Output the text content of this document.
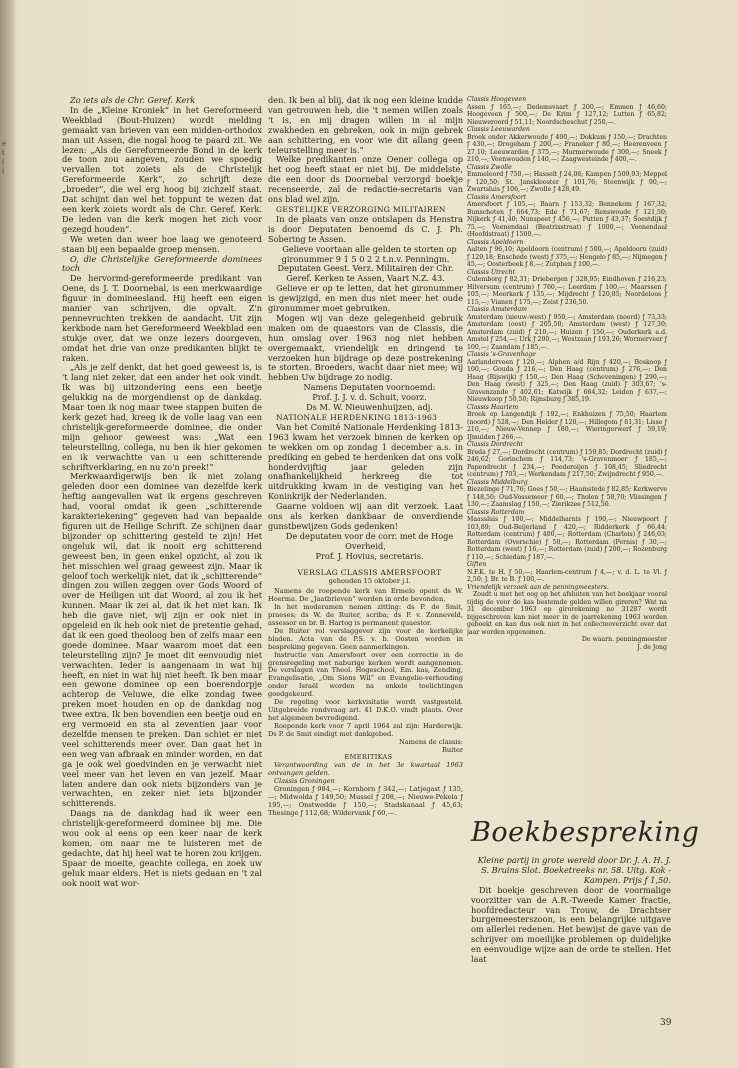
e
t
(
(

Zo iets als de Chr. Geref. Kerk

In de „Kleine Kroniek” in het Gereformeerd Weekblad (Bout-Huizen) wordt melding gemaakt van brieven van een midden-orthodox man uit Assen, die nogal hoog te paard zit. We lezen: „Als de Gereformeerde Bond in de kerk de toon zou aangeven, zouden we spoedig vervallen tot zoiets als de Christelijk Gereformeerde Kerk”, zo schrijft deze „broeder”, die wel erg hoog bij zichzelf staat. Dat schijnt dan wel het toppunt te wezen dat een kerk zoiets wordt als de Chr. Geref. Kerk. De leden van die kerk mogen het zich voor gezegd houden”.

We weten dan weer hoe laag we genoteerd staan bij een bepaalde groep mensen.

O, die Christelijke Gereformeerde dominees toch

De hervormd-gereformeerde predikant van Oene, ds J. T. Doornebal, is een merkwaardige figuur in domineesland. Hij heeft een eigen manier van schrijven, die opvalt. Z'n pennevruchten trekken de aandacht. Uit zijn kerkbode nam het Gereformeerd Weekblad een stukje over, dat we onze lezers doorgeven, omdat het drie van onze predikanten blijkt te raken.

„Als je zelf denkt, dat het goed geweest is, is 't lang niet zeker, dat een ander het ook vindt. Ik was bij uitzondering eens een beetje gelukkig na de morgendienst op de dankdag. Maar toen ik nog maar twee stappen buiten de kerk gezet had, kreeg ik de volle laag van een christelijk-gereformeerde dominee, die onder mijn gehoor geweest was: „Wat een teleurstelling, collega, nu ben ik hier gekomen en ik verwachtte van u een schitterende schriftverklaring, en nu zo'n preek!”

Merkwaardigerwijs ben ik niet zolang geleden door een dominee van dezelfde kerk heftig aangevallen wat ik ergens geschreven had, vooral omdat ik geen „schitterende karakteriekening” gegeven had van bepaalde figuren uit de Heilige Schrift. Ze schijnen daar bijzonder op schittering gesteld te zijn! Het ongeluk wil, dat ik nooit erg schitterend geweest ben, in geen enkel opzicht, al zou ik het misschien wel graag geweest zijn. Maar ik geloof toch werkelijk niet, dat ik „schitterende” dingen zou willen zeggen over Gods Woord of over de Heiligen uit dat Woord, al zou ik het kunnen. Maar ik zei al, dat ik het niet kan. Ik heb die gave niet, wij zijn er ook niet in opgeleid en ik heb ook niet de pretentie gehad, dat ik een goed theoloog ben of zelfs maar een goede dominee. Maar waarom moet dat een teleurstelling zijn? Je moet dit eenvoudig niet verwachten. Ieder is aangenaam in wat hij heeft, en niet in wat hij niet heeft. Ik ben maar een gewone dominee op een boerendorpje achterop de Veluwe, die elke zondag twee preken moet houden en op de dankdag nog twee extra. Ik ben bovendien een beetje oud en erg vermoeid en sta al zeventien jaar voor dezelfde mensen te preken. Dan schiet er niet veel schitterends meer over. Dan gaat het in een weg van afbraak en minder worden, en dat ga je ook wel goedvinden en je verwacht niet veel meer van het leven en van jezelf. Maar laten andere dan ook niets bijzonders van je verwachten, en zeker niet iets bijzonder schitterends.

Daags na de dankdag had ik weer een christelijk-gereformeerd dominee bij me. Die wou ook al eens op een keer naar de kerk komen, om naar me te luisteren met de gedachte, dat hij heel wat te horen zou krijgen. Spaar de moeite, geachte collega, en zoek uw geluk maar elders. Het is niets gedaan en 't zal ook nooit wat wor-

den. Ik ben al blij, dat ik nog een kleine kudde van getrouwen heb, die 't nemen willen zoals 't is, en mij dragen willen in al mijn zwakheden en gebreken, ook in mijn gebrek aan schittering, en voor wie dit allang geen teleurstelling meer is.”

Welke predikanten onze Oener collega op het oog heeft staat er niet bij. De middelste, die een door ds Doornebal verzorgd boekje recenseerde, zal de redactie-secretaris van ons blad wel zijn.

GESTELIJKE VERZORGING MILITAIREN

In de plaats van onze ontslapen ds Henstra is door Deputaten benoemd ds C. J. Ph. Sobering te Assen.

Gelieve voortaan alle gelden te storten op gironummer 9 1 5 0 2 2 t.n.v. Penningm. Deputaten Geest. Verz. Militairen der Chr. Geref. Kerken te Assen, Vaart N.Z. 43.

Gelieve er op te letten, dat het gironummer is gewijzigd, en men dus niet meer het oude gironummer moet gebruiken.

Mogen wij van deze gelegenheid gebruik maken om de quaestors van de Classis, die hun omslag over 1963 nog niet hebben overgemaakt, vriendelijk en dringend te verzoeken hun bijdrage op deze postrekening te storten. Broeders, wacht daar niet mee; wij hebben Uw bijdrage zo nodig.

Namens Deputaten voornoemd:

Prof. J. J. v. d. Schuit, voorz.

Ds M. W. Nieuwenhuijzen, adj.

NATIONALE HERDENKING 1813-1963

Van het Comité Nationale Herdenking 1813-1963 kwam het verzoek binnen de kerken op te wekken om op zondag 1 december a.s. in prediking en gebed te herdenken dat ons volk honderdvijftig jaar geleden zijn onafhankelijkheid herkreeg die tot uitdrukking kwam in de vestiging van het Koninkrijk der Nederlanden.

Gaarne voldoen wij aan dit verzoek. Laat ons als kerken dankbaar de onverdiende gunstbewijzen Gods gedenken!

De deputaten voor de corr. met de Hoge Overheid,

Prof. J. Hovius, secretaris.

VERSLAG CLASSIS AMERSFOORT

gehouden 15 oktober j.l.

Namens de roepende kerk van Ermelo opent ds W. Hoerma. De „Jaatbrieven” worden in orde bevonden.

In het moderamen nemen zitting: ds P. de Smit, praeses; ds W. de Ruiter, scriba; ds P. v. Zonneveld, assessor en br. B. Hartog is permanent quaestor.

De Ruiter rol verslaggever zijn voor de kerkelijke bladen. Acta van de P.S. v. b. Oosten worden in bespreking gegeven. Geen aanmerkingen.

Instructie van Amersfoort over een correctie in de grensregeling met naburige kerken wordt aangenomen. De verslagen van Theol. Hogeschool, Em. kas, Zending, Evangelisatie, „Om Sions Wil” en Evangelie-verhouding onder Israël worden na enkele toelichtingen goedgekeurd.

De regeling voor kerkvisitatie wordt vastgesteld. Uitgebreide rondvraag art. 41 D.K.O. vindt plaats. Over het algemeen bevredigend.

Roepende kerk voor 7 april 1964 zal zijn: Harderwijk. Ds P. de Smit eindigt met dankgebed.

Namens de classis:

Ruiter

EMERITIKAS

Verantwoording van de in het 3e kwartaal 1963 ontvangen gelden.

Classis Groningen

Groningen ƒ 984,—; Kornhorn ƒ 342,—; Latjegast ƒ 135,—; Midwolda ƒ 149,50; Mussel ƒ 208,—; Nieuwe-Pekela ƒ 195,—; Onstwedde ƒ 150,—; Stadskanaal ƒ 45,63; Thesinge ƒ 112,68; Wildervank ƒ 60,—.

Classis Hoogeveen

Assen ƒ 165,—; Dedemsvaart ƒ 200,—; Emmen ƒ 46,60; Hoogeveen ƒ 500,—; De Krim ƒ 127,12; Lutten ƒ 65,82; Nieuweroord ƒ 51,11; Noordscheschut ƒ 250,—.

Classis Leeuwarden

Broek onder Akkerwoude ƒ 400,—; Dokkum ƒ 150,—; Drachten ƒ 430,—; Drogeham ƒ 200,—; Franeker ƒ 80,—; Heerenveen ƒ 27,10; Leeuwarden ƒ 375,—; Murmerwoude ƒ 300,—; Sneek ƒ 210,—; Veenwouden ƒ 140,—; Zaagwesteinde ƒ 400,—.

Classis Zwolle

Emmeloord ƒ 750,—; Hasselt ƒ 24,06; Kampen ƒ 509,93; Meppel ƒ 120,50; St. Jansklooster ƒ 101,76; Steenwijk ƒ 90,—; Zwartsluis ƒ 106,—; Zwolle ƒ 428,49.

Classis Amersfoort

Amersfoort ƒ 105,—; Baarn ƒ 153,32; Bennekom ƒ 167,32; Bunschoten ƒ 664,73; Ede ƒ 71,67; Renswoude ƒ 121,50; Nijkerk ƒ 41,40; Nunspeet ƒ 456,—; Putten ƒ 43,37; Soestdijk ƒ 75,—; Veenendaal (Beatrixstraat) ƒ 1000,—; Veenendaal (Hoofdstraat) ƒ 1500,—.

Classis Apeldoorn

Aalten ƒ 96,10; Apeldoorn (centrum) ƒ 500,—; Apeldoorn (zuid) ƒ 129,18; Enschede (west) ƒ 375,—; Hengelo ƒ 85,—; Nijmegen ƒ 45,—; Oosterbeek ƒ 8,—; Zutphen ƒ 100,—.

Classis Utrecht

Culemborg ƒ 82,31; Driebergen ƒ 328,95; Eindhoven ƒ 216,23; Hilversum (centrum) ƒ 760,—; Leerdam ƒ 100,—; Maarssen ƒ 105,—; Meerkerk ƒ 135,—; Mijdrecht ƒ 120,85; Noordeloos ƒ 115,—; Vianen ƒ 175,—; Zeist ƒ 236,50.

Classis Amsterdam

Amsterdam (nieuw-west) ƒ 950,—; Amsterdam (noord) ƒ 73,33; Amsterdam (oost) ƒ 205,50; Amsterdam (west) ƒ 127,30; Amsterdam (zuid) ƒ 210,—; Huizen ƒ 150,—; Ouderkerk a.d. Amstel ƒ 254,—; Urk ƒ 200,—; Westzaan ƒ 193,26; Wormerveer ƒ 100,—; Zaandam ƒ 185,—.

Classis 's-Gravenhage

Aarlanderveen ƒ 120,—; Alphen a/d Rijn ƒ 420,—; Boskoop ƒ 100,—; Gouda ƒ 216,—; Den Haag (centrum) ƒ 276,—; Den Haag (Rijswijk) ƒ 150,—; Den Haag (Scheveningen) ƒ 290,—; Den Haag (west) ƒ 325,—; Den Haag (zuid) ƒ 303,67; 's-Gravenzande ƒ 402,61; Katwijk ƒ 664,32; Leiden ƒ 637,—; Nieuwkoop ƒ 50,50; Rijnsburg ƒ 385,19.

Classis Haarlem

Broek op Langendijk ƒ 192,—; Enkhuizen ƒ 75,50; Haarlem (noord) ƒ 528,—; Den Helder ƒ 120,—; Hillegom ƒ 81,31; Lisse ƒ 210,—; Nieuw-Vennep ƒ 180,—; Wieringerwerf ƒ 59,19; IJmuiden ƒ 266,—.

Classis Dordrecht

Breda ƒ 27,—; Dordrecht (centrum) ƒ 159,85; Dordrecht (zuid) ƒ 246,62; Gorinchem ƒ 114,73; 's-Gravenmoer ƒ 185,—; Papendrecht ƒ 234,—; Poederoijen ƒ 108,45; Sliedrecht (centrum) ƒ 703,—; Werkendam ƒ 217,50; Zwijndrecht ƒ 950,—.

Classis Middelburg

Biezelinge ƒ 71,76; Goes ƒ 50,—; Haamstede ƒ 82,85; Kerkwerve ƒ 148,50; Oud-Vossemeer ƒ 60,—; Tholen ƒ 58,70; Vlissingen ƒ 130,—; Zaamslag ƒ 150,—; Zierikzee ƒ 512,50.

Classis Rotterdam

Maassluis ƒ 100,—; Middelharnis ƒ 190,—; Nieuwpoort ƒ 103,89; Oud-Beijerland ƒ 420,—; Ridderkerk ƒ 66,44; Rotterdam (centrum) ƒ 400,—; Rotterdam (Charlois) ƒ 246,03; Rotterdam (Overschie) ƒ 50,—; Rotterdam (Pernis) ƒ 30,—; Rotterdam (west) ƒ 16,—; Rotterdam (zuid) ƒ 200,—; Rozenburg ƒ 110,—; Schiedam ƒ 187,—.

Giften

N.F.K. te H. ƒ 50,—; Haarlem-centrum ƒ 4,—; v. d. L. te Vl. ƒ 2,50; J. Br. te B. ƒ 100,—.

Vriendelijk verzoek aan de penningmeesters.

Zoudt u met het oog op het afsluiten van het boekjaar vooral tijdig de voor de kas bestemde gelden willen gireren? Wat na 31 december 1963 op girorekening no 31287 wordt bijgeschreven kan niet meer in de jaarrekening 1963 worden geboekt en kan dus ook niet in het collecteoverzicht over dat jaar worden opgenomen.

De waarn. penningmeester
J. de Jong

Boekbespreking

Kleine partij in grote wereld door Dr. J. A. H. J. S. Bruins Slot. Boeketreeks nr. 58. Uitg. Kok - Kampen. Prijs ƒ 1,50.

Dit boekje geschreven door de voormalige voorzitter van de A.R.-Tweede Kamer fractie, hoofdredacteur van Trouw, de Drachtser burgemeesterszoon, is een belangrijke uitgave om allerlei redenen. Het bewijst de gave van de schrijver om moeilijke problemen op duidelijke en eenvoudige wijze aan de orde te stellen. Het laat

39
